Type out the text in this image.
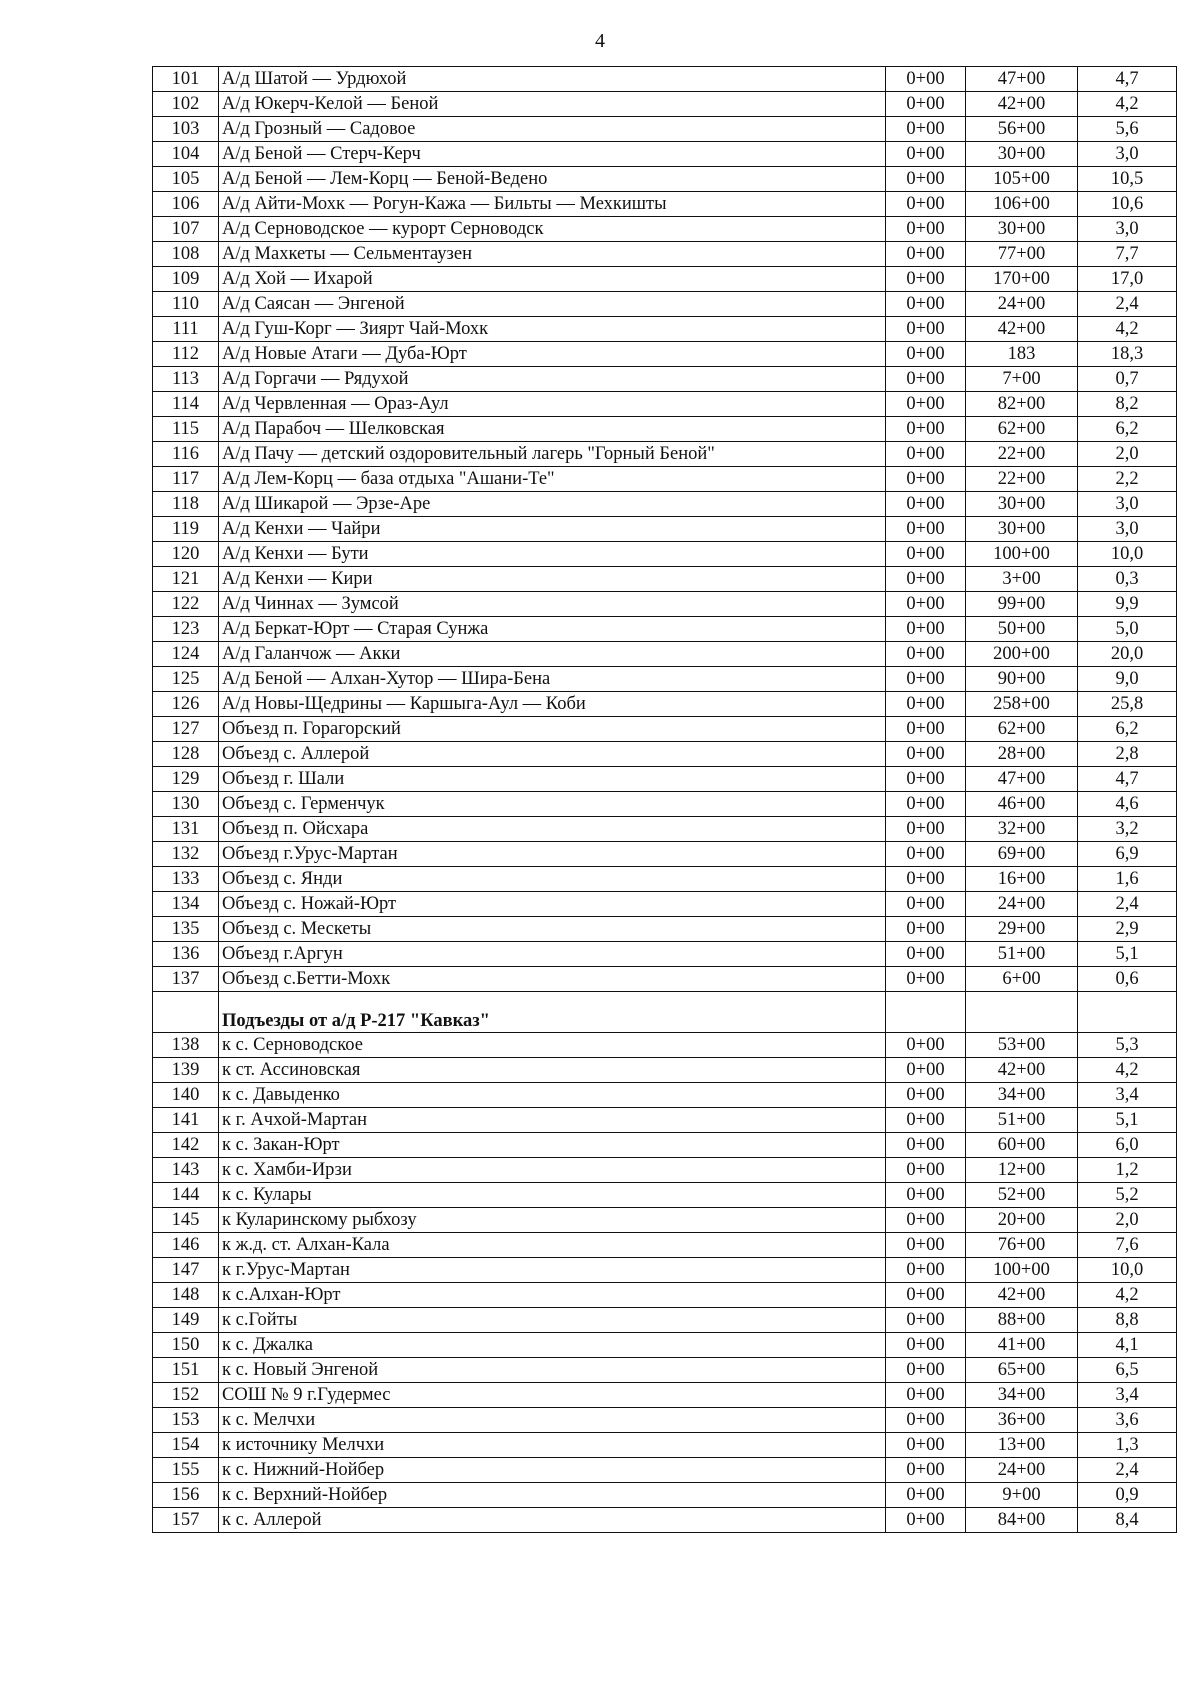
4
101	А/д Шатой — Урдюхой	0+00	47+00	4,7
102	А/д Юкерч-Келой — Беной	0+00	42+00	4,2
103	А/д Грозный — Садовое	0+00	56+00	5,6
104	А/д Беной — Стерч-Керч	0+00	30+00	3,0
105	А/д Беной — Лем-Корц — Беной-Ведено	0+00	105+00	10,5
106	А/д Айти-Мохк — Рогун-Кажа — Бильты — Мехкишты	0+00	106+00	10,6
107	А/д Серноводское — курорт Серноводск	0+00	30+00	3,0
108	А/д Махкеты — Сельментаузен	0+00	77+00	7,7
109	А/д Хой — Ихарой	0+00	170+00	17,0
110	А/д Саясан — Энгеной	0+00	24+00	2,4
111	А/д Гуш-Корг — Зиярт Чай-Мохк	0+00	42+00	4,2
112	А/д Новые Атаги — Дуба-Юрт	0+00	183	18,3
113	А/д Горгачи — Рядухой	0+00	7+00	0,7
114	А/д Червленная — Ораз-Аул	0+00	82+00	8,2
115	А/д Парабоч — Шелковская	0+00	62+00	6,2
116	А/д Пачу — детский оздоровительный лагерь "Горный Беной"	0+00	22+00	2,0
117	А/д Лем-Корц — база отдыха "Ашани-Те"	0+00	22+00	2,2
118	А/д Шикарой — Эрзе-Аре	0+00	30+00	3,0
119	А/д Кенхи — Чайри	0+00	30+00	3,0
120	А/д Кенхи — Бути	0+00	100+00	10,0
121	А/д Кенхи — Кири	0+00	3+00	0,3
122	А/д Чиннах — Зумсой	0+00	99+00	9,9
123	А/д Беркат-Юрт — Старая Сунжа	0+00	50+00	5,0
124	А/д Галанчож — Акки	0+00	200+00	20,0
125	А/д Беной — Алхан-Хутор — Шира-Бена	0+00	90+00	9,0
126	А/д Новы-Щедрины — Каршыга-Аул — Коби	0+00	258+00	25,8
127	Объезд п. Горагорский	0+00	62+00	6,2
128	Объезд с. Аллерой	0+00	28+00	2,8
129	Объезд г. Шали	0+00	47+00	4,7
130	Объезд с. Герменчук	0+00	46+00	4,6
131	Объезд п. Ойсхара	0+00	32+00	3,2
132	Объезд г.Урус-Мартан	0+00	69+00	6,9
133	Объезд с. Янди	0+00	16+00	1,6
134	Объезд с. Ножай-Юрт	0+00	24+00	2,4
135	Объезд с. Мескеты	0+00	29+00	2,9
136	Объезд г.Аргун	0+00	51+00	5,1
137	Объезд с.Бетти-Мохк	0+00	6+00	0,6
	Подъезды от а/д Р-217 "Кавказ"			
138	к с. Серноводское	0+00	53+00	5,3
139	к ст. Ассиновская	0+00	42+00	4,2
140	к с. Давыденко	0+00	34+00	3,4
141	к г. Ачхой-Мартан	0+00	51+00	5,1
142	к с. Закан-Юрт	0+00	60+00	6,0
143	к с. Хамби-Ирзи	0+00	12+00	1,2
144	к с. Кулары	0+00	52+00	5,2
145	к Куларинскому рыбхозу	0+00	20+00	2,0
146	к ж.д. ст. Алхан-Кала	0+00	76+00	7,6
147	к г.Урус-Мартан	0+00	100+00	10,0
148	к с.Алхан-Юрт	0+00	42+00	4,2
149	к с.Гойты	0+00	88+00	8,8
150	к с. Джалка	0+00	41+00	4,1
151	к с. Новый Энгеной	0+00	65+00	6,5
152	СОШ № 9 г.Гудермес	0+00	34+00	3,4
153	к с. Мелчхи	0+00	36+00	3,6
154	к источнику Мелчхи	0+00	13+00	1,3
155	к с. Нижний-Нойбер	0+00	24+00	2,4
156	к с. Верхний-Нойбер	0+00	9+00	0,9
157	к с. Аллерой	0+00	84+00	8,4
